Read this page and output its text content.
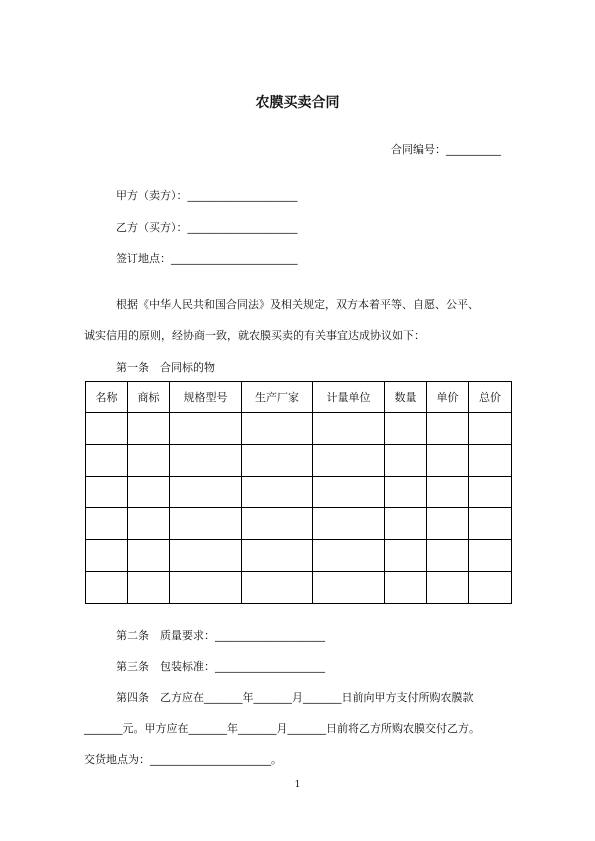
农膜买卖合同
合同编号：__________
甲方（卖方）：____________________
乙方（买方）：____________________
签订地点：_______________________
根据《中华人民共和国合同法》及相关规定，双方本着平等、自愿、公平、
诚实信用的原则，经协商一致，就农膜买卖的有关事宜达成协议如下：
第一条　合同标的物
名称	商标	规格型号	生产厂家	计量单位	数量	单价	总价

第二条　质量要求：____________________
第三条　包装标准：____________________
第四条　乙方应在_______年_______月_______日前向甲方支付所购农膜款
_______元。甲方应在_______年_______月_______日前将乙方所购农膜交付乙方。
交货地点为：______________________。
1
